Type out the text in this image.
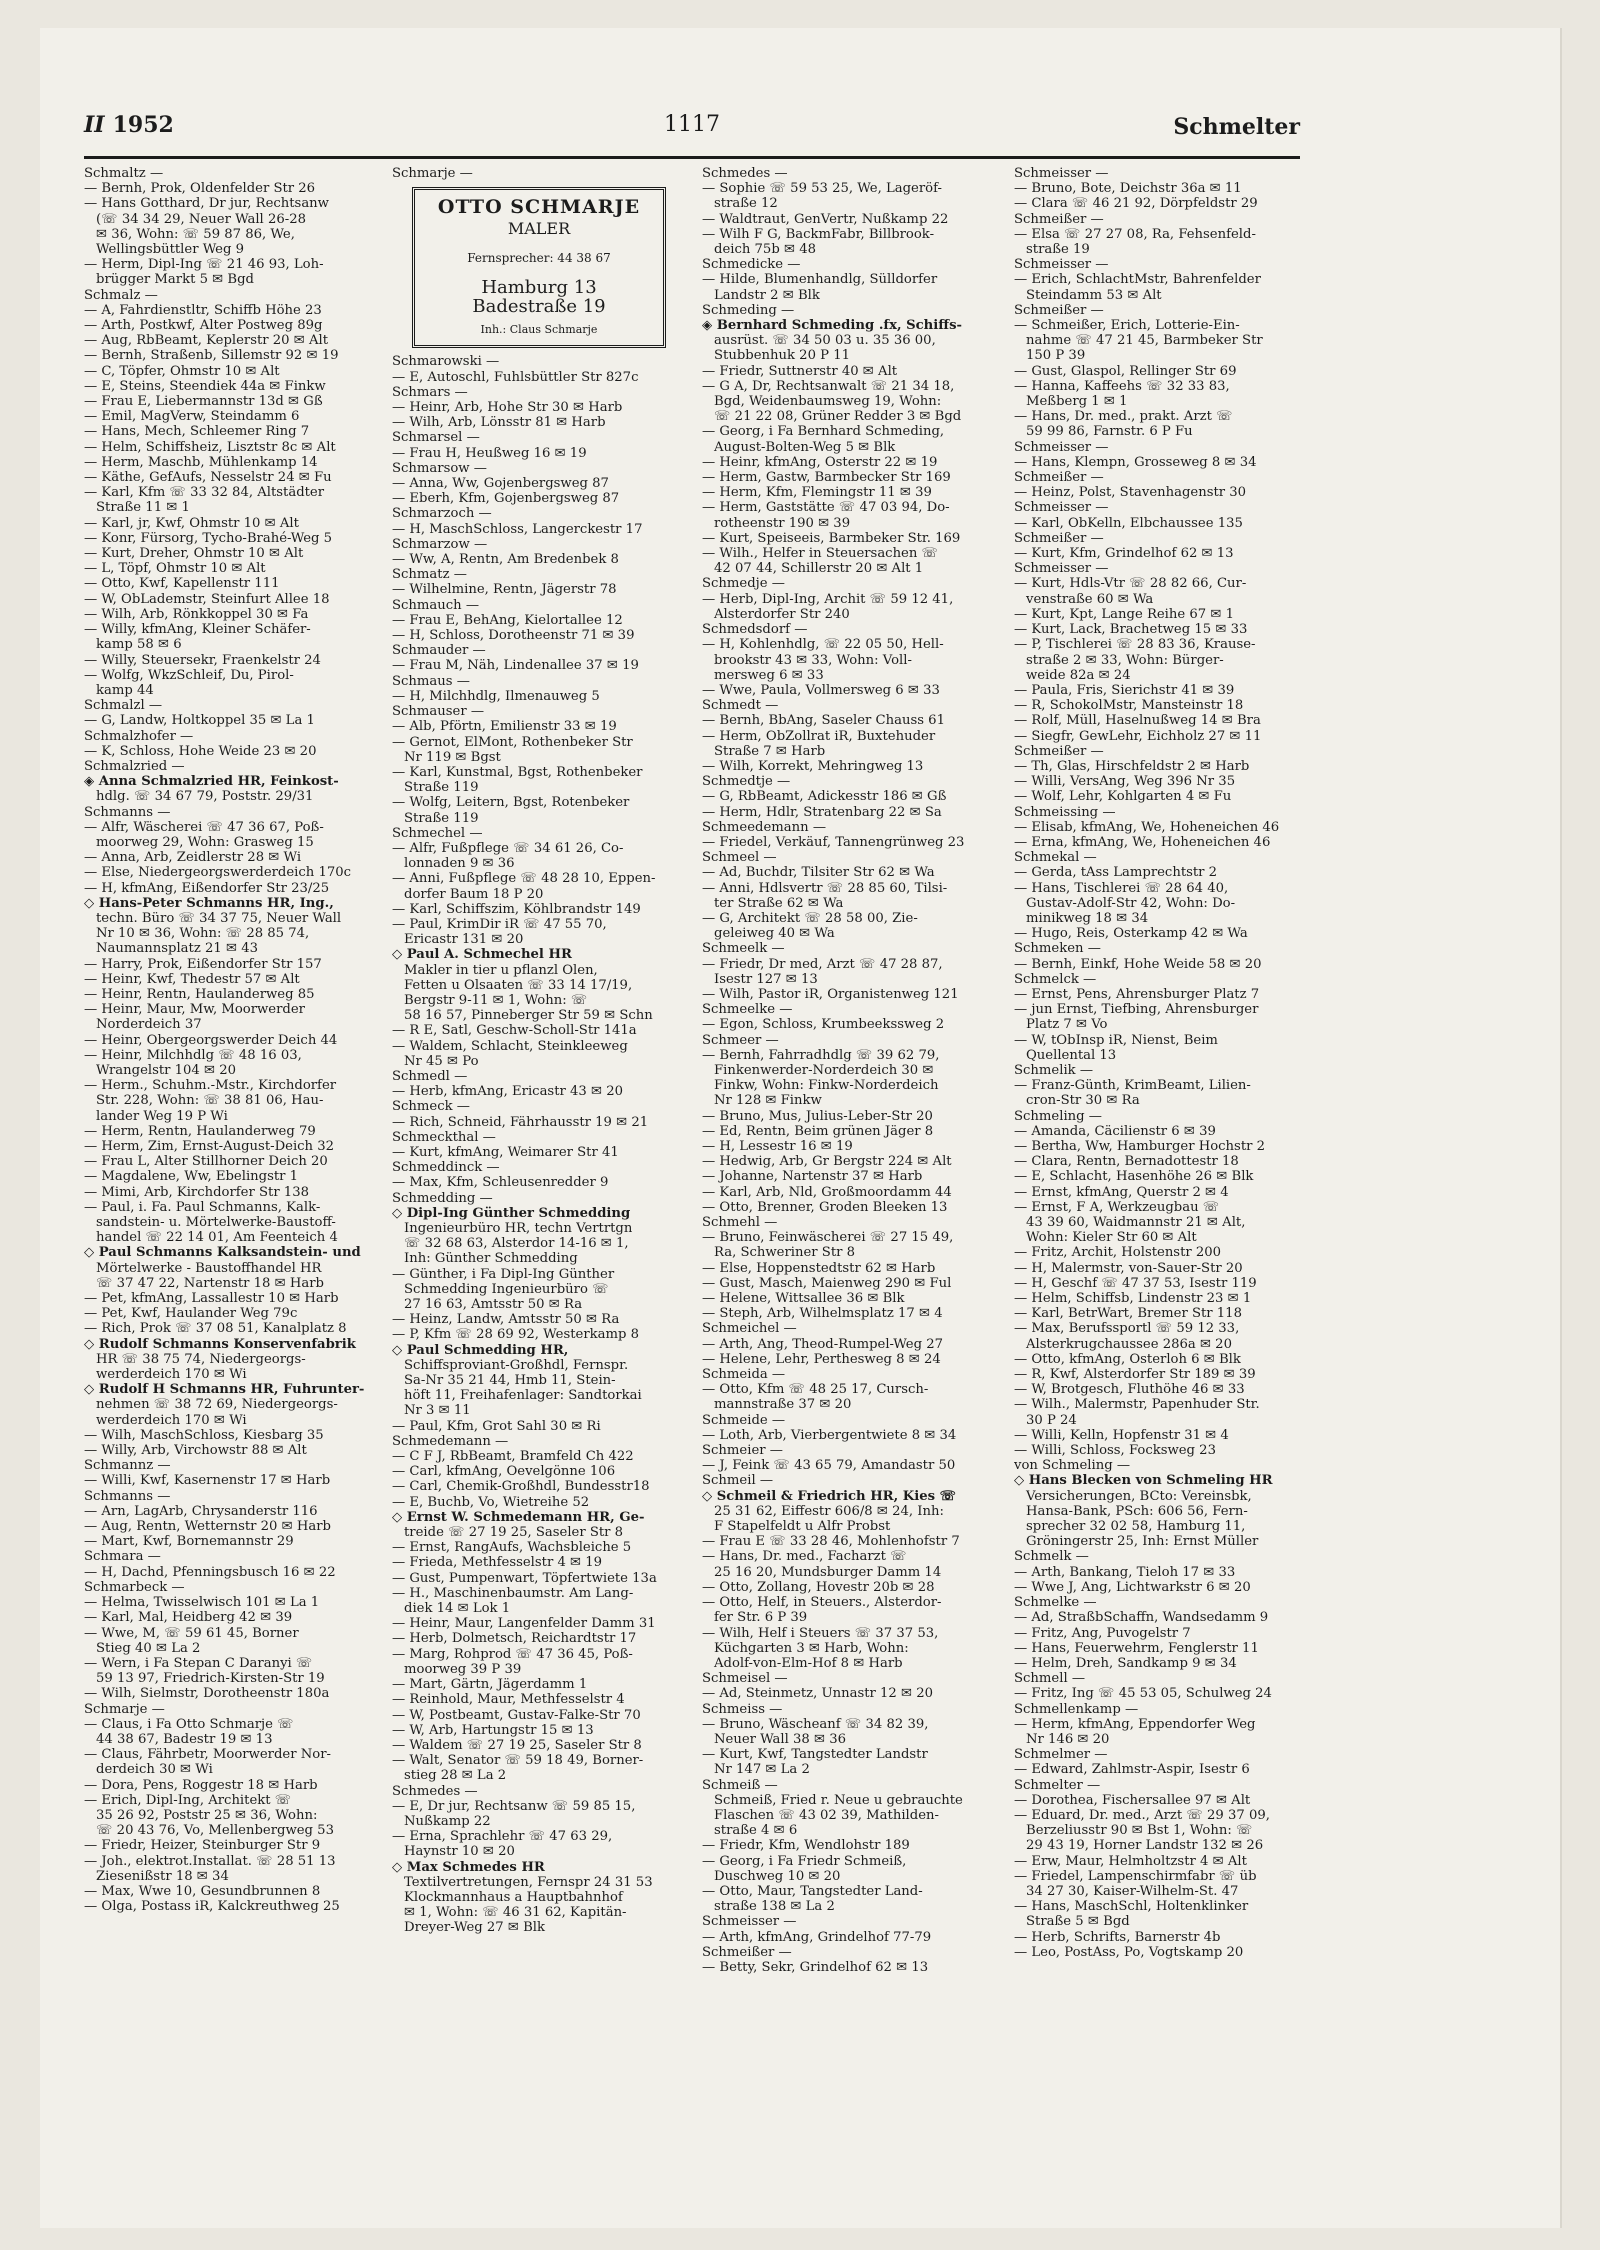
II 1952	1117	Schmelter

Schmaltz —

— Bernh, Prok, Oldenfelder Str 26

— Hans Gotthard, Dr jur, Rechtsanw

(☏ 34 34 29, Neuer Wall 26-28

✉ 36, Wohn: ☏ 59 87 86, We,

Wellingsbüttler Weg 9

— Herm, Dipl-Ing ☏ 21 46 93, Loh-

brügger Markt 5 ✉ Bgd

Schmalz —

— A, Fahrdienstltr, Schiffb Höhe 23

— Arth, Postkwf, Alter Postweg 89g

— Aug, RbBeamt, Keplerstr 20 ✉ Alt

— Bernh, Straßenb, Sillemstr 92 ✉ 19

— C, Töpfer, Ohmstr 10 ✉ Alt

— E, Steins, Steendiek 44a ✉ Finkw

— Frau E, Liebermannstr 13d ✉ Gß

— Emil, MagVerw, Steindamm 6

— Hans, Mech, Schleemer Ring 7

— Helm, Schiffsheiz, Lisztstr 8c ✉ Alt

— Herm, Maschb, Mühlenkamp 14

— Käthe, GefAufs, Nesselstr 24 ✉ Fu

— Karl, Kfm ☏ 33 32 84, Altstädter

Straße 11 ✉ 1

— Karl, jr, Kwf, Ohmstr 10 ✉ Alt

— Konr, Fürsorg, Tycho-Brahé-Weg 5

— Kurt, Dreher, Ohmstr 10 ✉ Alt

— L, Töpf, Ohmstr 10 ✉ Alt

— Otto, Kwf, Kapellenstr 111

— W, ObLademstr, Steinfurt Allee 18

— Wilh, Arb, Rönkkoppel 30 ✉ Fa

— Willy, kfmAng, Kleiner Schäfer-

kamp 58 ✉ 6

— Willy, Steuersekr, Fraenkelstr 24

— Wolfg, WkzSchleif, Du, Pirol-

kamp 44

Schmalzl —

— G, Landw, Holtkoppel 35 ✉ La 1

Schmalzhofer —

— K, Schloss, Hohe Weide 23 ✉ 20

Schmalzried —

◈ Anna Schmalzried HR, Feinkost-

hdlg. ☏ 34 67 79, Poststr. 29/31

Schmanns —

— Alfr, Wäscherei ☏ 47 36 67, Poß-

moorweg 29, Wohn: Grasweg 15

— Anna, Arb, Zeidlerstr 28 ✉ Wi

— Else, Niedergeorgswerderdeich 170c

— H, kfmAng, Eißendorfer Str 23/25

◇ Hans-Peter Schmanns HR, Ing.,

techn. Büro ☏ 34 37 75, Neuer Wall

Nr 10 ✉ 36, Wohn: ☏ 28 85 74,

Naumannsplatz 21 ✉ 43

— Harry, Prok, Eißendorfer Str 157

— Heinr, Kwf, Thedestr 57 ✉ Alt

— Heinr, Rentn, Haulanderweg 85

— Heinr, Maur, Mw, Moorwerder

Norderdeich 37

— Heinr, Obergeorgswerder Deich 44

— Heinr, Milchhdlg ☏ 48 16 03,

Wrangelstr 104 ✉ 20

— Herm., Schuhm.-Mstr., Kirchdorfer

Str. 228, Wohn: ☏ 38 81 06, Hau-

lander Weg 19 P Wi

— Herm, Rentn, Haulanderweg 79

— Herm, Zim, Ernst-August-Deich 32

— Frau L, Alter Stillhorner Deich 20

— Magdalene, Ww, Ebelingstr 1

— Mimi, Arb, Kirchdorfer Str 138

— Paul, i. Fa. Paul Schmanns, Kalk-

sandstein- u. Mörtelwerke-Baustoff-

handel ☏ 22 14 01, Am Feenteich 4

◇ Paul Schmanns Kalksandstein- und

Mörtelwerke - Baustoffhandel HR

☏ 37 47 22, Nartenstr 18 ✉ Harb

— Pet, kfmAng, Lassallestr 10 ✉ Harb

— Pet, Kwf, Haulander Weg 79c

— Rich, Prok ☏ 37 08 51, Kanalplatz 8

◇ Rudolf Schmanns Konservenfabrik

HR ☏ 38 75 74, Niedergeorgs-

werderdeich 170 ✉ Wi

◇ Rudolf H Schmanns HR, Fuhrunter-

nehmen ☏ 38 72 69, Niedergeorgs-

werderdeich 170 ✉ Wi

— Wilh, MaschSchloss, Kiesbarg 35

— Willy, Arb, Virchowstr 88 ✉ Alt

Schmannz —

— Willi, Kwf, Kasernenstr 17 ✉ Harb

Schmanns —

— Arn, LagArb, Chrysanderstr 116

— Aug, Rentn, Wetternstr 20 ✉ Harb

— Mart, Kwf, Bornemannstr 29

Schmara —

— H, Dachd, Pfenningsbusch 16 ✉ 22

Schmarbeck —

— Helma, Twisselwisch 101 ✉ La 1

— Karl, Mal, Heidberg 42 ✉ 39

— Wwe, M, ☏ 59 61 45, Borner

Stieg 40 ✉ La 2

— Wern, i Fa Stepan C Daranyi ☏

59 13 97, Friedrich-Kirsten-Str 19

— Wilh, Sielmstr, Dorotheenstr 180a

Schmarje —

— Claus, i Fa Otto Schmarje ☏

44 38 67, Badestr 19 ✉ 13

— Claus, Fährbetr, Moorwerder Nor-

derdeich 30 ✉ Wi

— Dora, Pens, Roggestr 18 ✉ Harb

— Erich, Dipl-Ing, Architekt ☏

35 26 92, Poststr 25 ✉ 36, Wohn:

☏ 20 43 76, Vo, Mellenbergweg 53

— Friedr, Heizer, Steinburger Str 9

— Joh., elektrot.Installat. ☏ 28 51 13

Ziesenißstr 18 ✉ 34

— Max, Wwe 10, Gesundbrunnen 8

— Olga, Postass iR, Kalckreuthweg 25

Schmarje —

OTTO SCHMARJE
MALER
Fernsprecher: 44 38 67
Hamburg 13
Badestraße 19
Inh.: Claus Schmarje

Schmarowski —

— E, Autoschl, Fuhlsbüttler Str 827c

Schmars —

— Heinr, Arb, Hohe Str 30 ✉ Harb

— Wilh, Arb, Lönsstr 81 ✉ Harb

Schmarsel —

— Frau H, Heußweg 16 ✉ 19

Schmarsow —

— Anna, Ww, Gojenbergsweg 87

— Eberh, Kfm, Gojenbergsweg 87

Schmarzoch —

— H, MaschSchloss, Langerckestr 17

Schmarzow —

— Ww, A, Rentn, Am Bredenbek 8

Schmatz —

— Wilhelmine, Rentn, Jägerstr 78

Schmauch —

— Frau E, BehAng, Kielortallee 12

— H, Schloss, Dorotheenstr 71 ✉ 39

Schmauder —

— Frau M, Näh, Lindenallee 37 ✉ 19

Schmaus —

— H, Milchhdlg, Ilmenauweg 5

Schmauser —

— Alb, Pförtn, Emilienstr 33 ✉ 19

— Gernot, ElMont, Rothenbeker Str

Nr 119 ✉ Bgst

— Karl, Kunstmal, Bgst, Rothenbeker

Straße 119

— Wolfg, Leitern, Bgst, Rotenbeker

Straße 119

Schmechel —

— Alfr, Fußpflege ☏ 34 61 26, Co-

lonnaden 9 ✉ 36

— Anni, Fußpflege ☏ 48 28 10, Eppen-

dorfer Baum 18 P 20

— Karl, Schiffszim, Köhlbrandstr 149

— Paul, KrimDir iR ☏ 47 55 70,

Ericastr 131 ✉ 20

◇ Paul A. Schmechel HR

Makler in tier u pflanzl Ölen,

Fetten u Ölsaaten ☏ 33 14 17/19,

Bergstr 9-11 ✉ 1, Wohn: ☏

58 16 57, Pinneberger Str 59 ✉ Schn

— R E, Satl, Geschw-Scholl-Str 141a

— Waldem, Schlacht, Steinkleeweg

Nr 45 ✉ Po

Schmedl —

— Herb, kfmAng, Ericastr 43 ✉ 20

Schmeck —

— Rich, Schneid, Fährhausstr 19 ✉ 21

Schmeckthal —

— Kurt, kfmAng, Weimarer Str 41

Schmeddinck —

— Max, Kfm, Schleusenredder 9

Schmedding —

◇ Dipl-Ing Günther Schmedding

Ingenieurbüro HR, techn Vertrtgn

☏ 32 68 63, Alsterdor 14-16 ✉ 1,

Inh: Günther Schmedding

— Günther, i Fa Dipl-Ing Günther

Schmedding Ingenieurbüro ☏

27 16 63, Amtsstr 50 ✉ Ra

— Heinz, Landw, Amtsstr 50 ✉ Ra

— P, Kfm ☏ 28 69 92, Westerkamp 8

◇ Paul Schmedding HR,

Schiffsproviant-Großhdl, Fernspr.

Sa-Nr 35 21 44, Hmb 11, Stein-

höft 11, Freihafenlager: Sandtorkai

Nr 3 ✉ 11

— Paul, Kfm, Grot Sahl 30 ✉ Ri

Schmedemann —

— C F J, RbBeamt, Bramfeld Ch 422

— Carl, kfmAng, Oevelgönne 106

— Carl, Chemik-Großhdl, Bundesstr18

— E, Buchb, Vo, Wietreihe 52

◇ Ernst W. Schmedemann HR, Ge-

treide ☏ 27 19 25, Saseler Str 8

— Ernst, RangAufs, Wachsbleiche 5

— Frieda, Methfesselstr 4 ✉ 19

— Gust, Pumpenwart, Töpfertwiete 13a

— H., Maschinenbaumstr. Am Lang-

diek 14 ✉ Lok 1

— Heinr, Maur, Langenfelder Damm 31

— Herb, Dolmetsch, Reichardtstr 17

— Marg, Rohprod ☏ 47 36 45, Poß-

moorweg 39 P 39

— Mart, Gärtn, Jägerdamm 1

— Reinhold, Maur, Methfesselstr 4

— W, Postbeamt, Gustav-Falke-Str 70

— W, Arb, Hartungstr 15 ✉ 13

— Waldem ☏ 27 19 25, Saseler Str 8

— Walt, Senator ☏ 59 18 49, Borner-

stieg 28 ✉ La 2

Schmedes —

— E, Dr jur, Rechtsanw ☏ 59 85 15,

Nußkamp 22

— Erna, Sprachlehr ☏ 47 63 29,

Haynstr 10 ✉ 20

◇ Max Schmedes HR

Textilvertretungen, Fernspr 24 31 53

Klockmannhaus a Hauptbahnhof

✉ 1, Wohn: ☏ 46 31 62, Kapitän-

Dreyer-Weg 27 ✉ Blk

Schmedes —

— Sophie ☏ 59 53 25, We, Lageröf-

straße 12

— Waldtraut, GenVertr, Nußkamp 22

— Wilh F G, BackmFabr, Billbrook-

deich 75b ✉ 48

Schmedicke —

— Hilde, Blumenhandlg, Sülldorfer

Landstr 2 ✉ Blk

Schmeding —

◈ Bernhard Schmeding .fx, Schiffs-

ausrüst. ☏ 34 50 03 u. 35 36 00,

Stubbenhuk 20 P 11

— Friedr, Suttnerstr 40 ✉ Alt

— G A, Dr, Rechtsanwalt ☏ 21 34 18,

Bgd, Weidenbaumsweg 19, Wohn:

☏ 21 22 08, Grüner Redder 3 ✉ Bgd

— Georg, i Fa Bernhard Schmeding,

August-Bolten-Weg 5 ✉ Blk

— Heinr, kfmAng, Osterstr 22 ✉ 19

— Herm, Gastw, Barmbecker Str 169

— Herm, Kfm, Flemingstr 11 ✉ 39

— Herm, Gaststätte ☏ 47 03 94, Do-

rotheenstr 190 ✉ 39

— Kurt, Speiseeis, Barmbeker Str. 169

— Wilh., Helfer in Steuersachen ☏

42 07 44, Schillerstr 20 ✉ Alt 1

Schmedje —

— Herb, Dipl-Ing, Archit ☏ 59 12 41,

Alsterdorfer Str 240

Schmedsdorf —

— H, Kohlenhdlg, ☏ 22 05 50, Hell-

brookstr 43 ✉ 33, Wohn: Voll-

mersweg 6 ✉ 33

— Wwe, Paula, Vollmersweg 6 ✉ 33

Schmedt —

— Bernh, BbAng, Saseler Chauss 61

— Herm, ObZollrat iR, Buxtehuder

Straße 7 ✉ Harb

— Wilh, Korrekt, Mehringweg 13

Schmedtje —

— G, RbBeamt, Adickesstr 186 ✉ Gß

— Herm, Hdlr, Stratenbarg 22 ✉ Sa

Schmeedemann —

— Friedel, Verkäuf, Tannengrünweg 23

Schmeel —

— Ad, Buchdr, Tilsiter Str 62 ✉ Wa

— Anni, Hdlsvertr ☏ 28 85 60, Tilsi-

ter Straße 62 ✉ Wa

— G, Architekt ☏ 28 58 00, Zie-

geleiweg 40 ✉ Wa

Schmeelk —

— Friedr, Dr med, Arzt ☏ 47 28 87,

Isestr 127 ✉ 13

— Wilh, Pastor iR, Organistenweg 121

Schmeelke —

— Egon, Schloss, Krumbeekssweg 2

Schmeer —

— Bernh, Fahrradhdlg ☏ 39 62 79,

Finkenwerder-Norderdeich 30 ✉

Finkw, Wohn: Finkw-Norderdeich

Nr 128 ✉ Finkw

— Bruno, Mus, Julius-Leber-Str 20

— Ed, Rentn, Beim grünen Jäger 8

— H, Lessestr 16 ✉ 19

— Hedwig, Arb, Gr Bergstr 224 ✉ Alt

— Johanne, Nartenstr 37 ✉ Harb

— Karl, Arb, Nld, Großmoordamm 44

— Otto, Brenner, Groden Bleeken 13

Schmehl —

— Bruno, Feinwäscherei ☏ 27 15 49,

Ra, Schweriner Str 8

— Else, Hoppenstedtstr 62 ✉ Harb

— Gust, Masch, Maienweg 290 ✉ Ful

— Helene, Wittsallee 36 ✉ Blk

— Steph, Arb, Wilhelmsplatz 17 ✉ 4

Schmeichel —

— Arth, Ang, Theod-Rumpel-Weg 27

— Helene, Lehr, Perthesweg 8 ✉ 24

Schmeida —

— Otto, Kfm ☏ 48 25 17, Cursch-

mannstraße 37 ✉ 20

Schmeide —

— Loth, Arb, Vierbergentwiete 8 ✉ 34

Schmeier —

— J, Feink ☏ 43 65 79, Amandastr 50

Schmeil —

◇ Schmeil & Friedrich HR, Kies ☏

25 31 62, Eiffestr 606/8 ✉ 24, Inh:

F Stapelfeldt u Alfr Probst

— Frau E ☏ 33 28 46, Mohlenhofstr 7

— Hans, Dr. med., Facharzt ☏

25 16 20, Mundsburger Damm 14

— Otto, Zollang, Hovestr 20b ✉ 28

— Otto, Helf, in Steuers., Alsterdor-

fer Str. 6 P 39

— Wilh, Helf i Steuers ☏ 37 37 53,

Küchgarten 3 ✉ Harb, Wohn:

Adolf-von-Elm-Hof 8 ✉ Harb

Schmeisel —

— Ad, Steinmetz, Unnastr 12 ✉ 20

Schmeiss —

— Bruno, Wäscheanf ☏ 34 82 39,

Neuer Wall 38 ✉ 36

— Kurt, Kwf, Tangstedter Landstr

Nr 147 ✉ La 2

Schmeiß —

Schmeiß, Fried r. Neue u gebrauchte

Flaschen ☏ 43 02 39, Mathilden-

straße 4 ✉ 6

— Friedr, Kfm, Wendlohstr 189

— Georg, i Fa Friedr Schmeiß,

Duschweg 10 ✉ 20

— Otto, Maur, Tangstedter Land-

straße 138 ✉ La 2

Schmeisser —

— Arth, kfmAng, Grindelhof 77-79

Schmeißer —

— Betty, Sekr, Grindelhof 62 ✉ 13

Schmeisser —

— Bruno, Bote, Deichstr 36a ✉ 11

— Clara ☏ 46 21 92, Dörpfeldstr 29

Schmeißer —

— Elsa ☏ 27 27 08, Ra, Fehsenfeld-

straße 19

Schmeisser —

— Erich, SchlachtMstr, Bahrenfelder

Steindamm 53 ✉ Alt

Schmeißer —

— Schmeißer, Erich, Lotterie-Ein-

nahme ☏ 47 21 45, Barmbeker Str

150 P 39

— Gust, Glaspol, Rellinger Str 69

— Hanna, Kaffeehs ☏ 32 33 83,

Meßberg 1 ✉ 1

— Hans, Dr. med., prakt. Arzt ☏

59 99 86, Farnstr. 6 P Fu

Schmeisser —

— Hans, Klempn, Grosseweg 8 ✉ 34

Schmeißer —

— Heinz, Polst, Stavenhagenstr 30

Schmeisser —

— Karl, ObKelln, Elbchaussee 135

Schmeißer —

— Kurt, Kfm, Grindelhof 62 ✉ 13

Schmeisser —

— Kurt, Hdls-Vtr ☏ 28 82 66, Cur-

venstraße 60 ✉ Wa

— Kurt, Kpt, Lange Reihe 67 ✉ 1

— Kurt, Lack, Brachetweg 15 ✉ 33

— P, Tischlerei ☏ 28 83 36, Krause-

straße 2 ✉ 33, Wohn: Bürger-

weide 82a ✉ 24

— Paula, Fris, Sierichstr 41 ✉ 39

— R, SchokolMstr, Mansteinstr 18

— Rolf, Müll, Haselnußweg 14 ✉ Bra

— Siegfr, GewLehr, Eichholz 27 ✉ 11

Schmeißer —

— Th, Glas, Hirschfeldstr 2 ✉ Harb

— Willi, VersAng, Weg 396 Nr 35

— Wolf, Lehr, Kohlgarten 4 ✉ Fu

Schmeissing —

— Elisab, kfmAng, We, Hoheneichen 46

— Erna, kfmAng, We, Hoheneichen 46

Schmekal —

— Gerda, tAss Lamprechtstr 2

— Hans, Tischlerei ☏ 28 64 40,

Gustav-Adolf-Str 42, Wohn: Do-

minikweg 18 ✉ 34

— Hugo, Reis, Osterkamp 42 ✉ Wa

Schmeken —

— Bernh, Einkf, Hohe Weide 58 ✉ 20

Schmelck —

— Ernst, Pens, Ahrensburger Platz 7

— jun Ernst, Tiefbing, Ahrensburger

Platz 7 ✉ Vo

— W, tObInsp iR, Nienst, Beim

Quellental 13

Schmelik —

— Franz-Günth, KrimBeamt, Lilien-

cron-Str 30 ✉ Ra

Schmeling —

— Amanda, Cäcilienstr 6 ✉ 39

— Bertha, Ww, Hamburger Hochstr 2

— Clara, Rentn, Bernadottestr 18

— E, Schlacht, Hasenhöhe 26 ✉ Blk

— Ernst, kfmAng, Querstr 2 ✉ 4

— Ernst, F A, Werkzeugbau ☏

43 39 60, Waidmannstr 21 ✉ Alt,

Wohn: Kieler Str 60 ✉ Alt

— Fritz, Archit, Holstenstr 200

— H, Malermstr, von-Sauer-Str 20

— H, Geschf ☏ 47 37 53, Isestr 119

— Helm, Schiffsb, Lindenstr 23 ✉ 1

— Karl, BetrWart, Bremer Str 118

— Max, Berufssportl ☏ 59 12 33,

Alsterkrugchaussee 286a ✉ 20

— Otto, kfmAng, Osterloh 6 ✉ Blk

— R, Kwf, Alsterdorfer Str 189 ✉ 39

— W, Brotgesch, Fluthöhe 46 ✉ 33

— Wilh., Malermstr, Papenhuder Str.

30 P 24

— Willi, Kelln, Hopfenstr 31 ✉ 4

— Willi, Schloss, Focksweg 23

von Schmeling —

◇ Hans Blecken von Schmeling HR

Versicherungen, BCto: Vereinsbk,

Hansa-Bank, PSch: 606 56, Fern-

sprecher 32 02 58, Hamburg 11,

Gröningerstr 25, Inh: Ernst Müller

Schmelk —

— Arth, Bankang, Tieloh 17 ✉ 33

— Wwe J, Ang, Lichtwarkstr 6 ✉ 20

Schmelke —

— Ad, StraßbSchaffn, Wandsedamm 9

— Fritz, Ang, Puvogelstr 7

— Hans, Feuerwehrm, Fenglerstr 11

— Helm, Dreh, Sandkamp 9 ✉ 34

Schmell —

— Fritz, Ing ☏ 45 53 05, Schulweg 24

Schmellenkamp —

— Herm, kfmAng, Eppendorfer Weg

Nr 146 ✉ 20

Schmelmer —

— Edward, Zahlmstr-Aspir, Isestr 6

Schmelter —

— Dorothea, Fischersallee 97 ✉ Alt

— Eduard, Dr. med., Arzt ☏ 29 37 09,

Berzeliusstr 90 ✉ Bst 1, Wohn: ☏

29 43 19, Horner Landstr 132 ✉ 26

— Erw, Maur, Helmholtzstr 4 ✉ Alt

— Friedel, Lampenschirmfabr ☏ üb

34 27 30, Kaiser-Wilhelm-St. 47

— Hans, MaschSchl, Holtenklinker

Straße 5 ✉ Bgd

— Herb, Schrifts, Barnerstr 4b

— Leo, PostAss, Po, Vogtskamp 20
